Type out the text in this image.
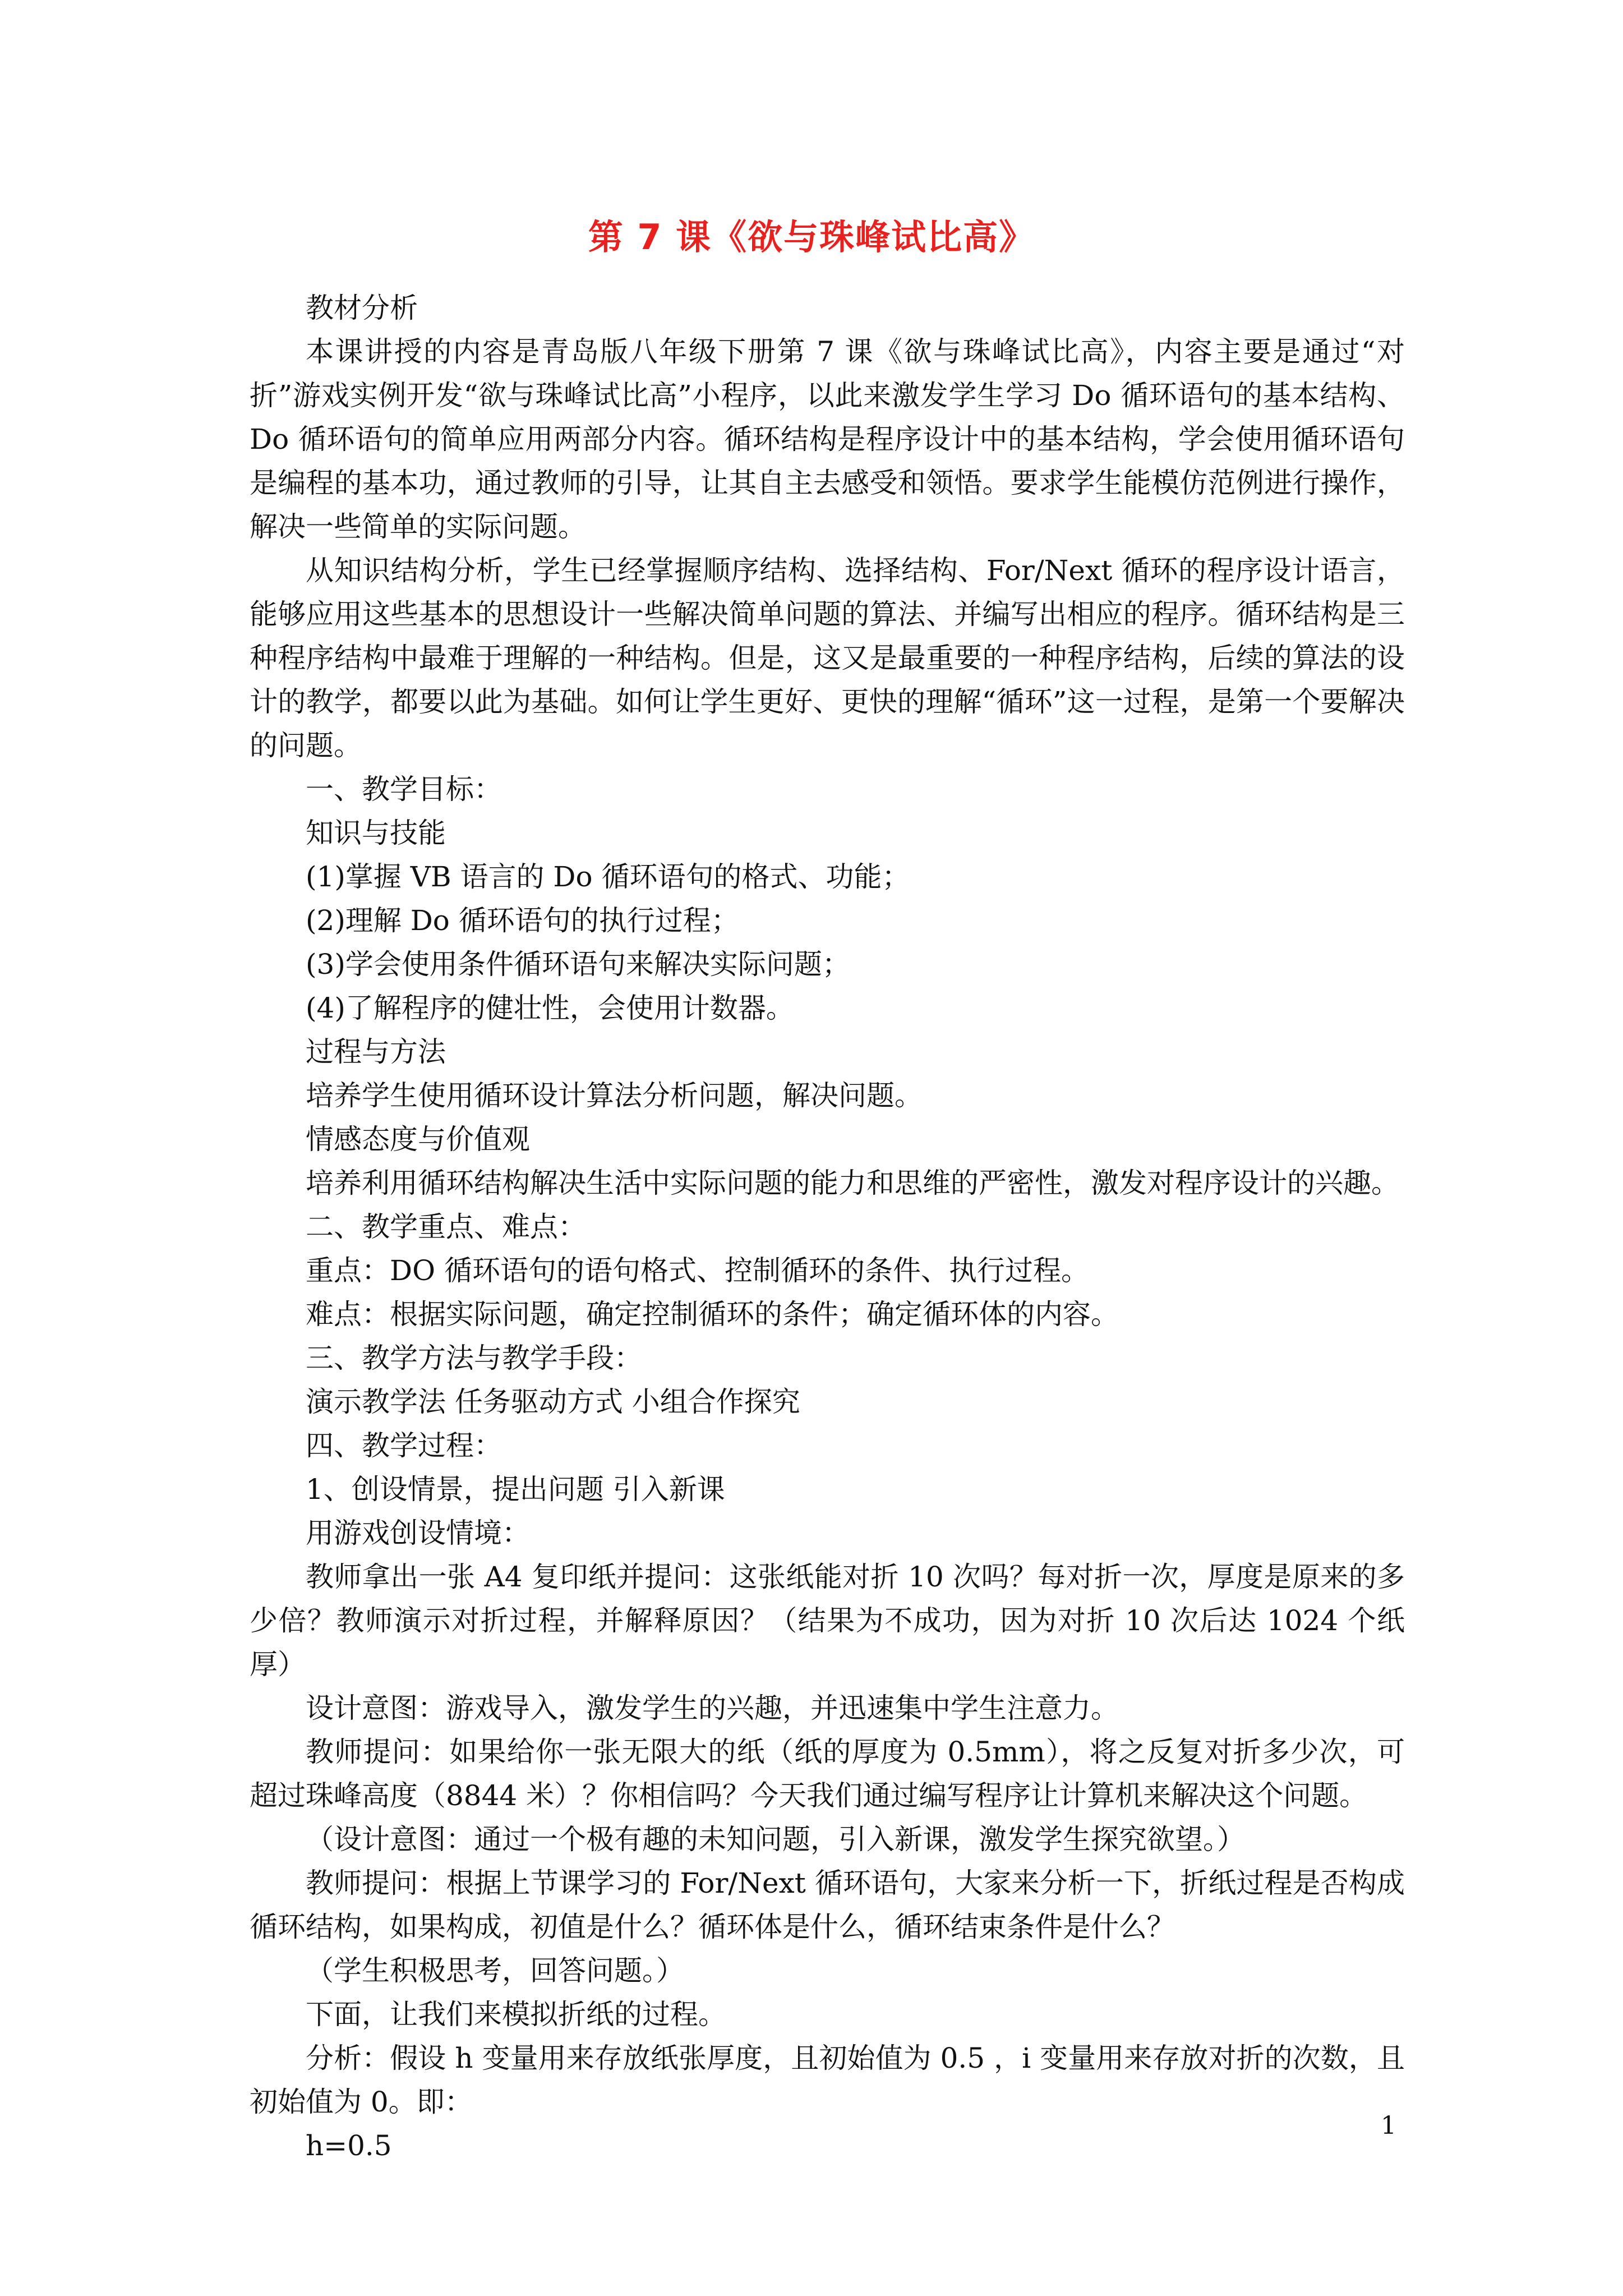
第 7 课《欲与珠峰试比高》

教材分析

本课讲授的内容是青岛版八年级下册第 7 课《欲与珠峰试比高》，内容主要是通过“对折”游戏实例开发“欲与珠峰试比高”小程序，以此来激发学生学习 Do 循环语句的基本结构、Do 循环语句的简单应用两部分内容。循环结构是程序设计中的基本结构，学会使用循环语句是编程的基本功，通过教师的引导，让其自主去感受和领悟。要求学生能模仿范例进行操作，解决一些简单的实际问题。

从知识结构分析，学生已经掌握顺序结构、选择结构、For/Next 循环的程序设计语言，能够应用这些基本的思想设计一些解决简单问题的算法、并编写出相应的程序。循环结构是三种程序结构中最难于理解的一种结构。但是，这又是最重要的一种程序结构，后续的算法的设计的教学，都要以此为基础。如何让学生更好、更快的理解“循环”这一过程，是第一个要解决的问题。

一、教学目标：

知识与技能

(1)掌握 VB 语言的 Do 循环语句的格式、功能；

(2)理解 Do 循环语句的执行过程；

(3)学会使用条件循环语句来解决实际问题；

(4)了解程序的健壮性，会使用计数器。

过程与方法

培养学生使用循环设计算法分析问题，解决问题。

情感态度与价值观

培养利用循环结构解决生活中实际问题的能力和思维的严密性，激发对程序设计的兴趣。

二、教学重点、难点：

重点：DO 循环语句的语句格式、控制循环的条件、执行过程。

难点：根据实际问题，确定控制循环的条件；确定循环体的内容。

三、教学方法与教学手段：

演示教学法 任务驱动方式 小组合作探究

四、教学过程：

1、创设情景，提出问题 引入新课

用游戏创设情境：

教师拿出一张 A4 复印纸并提问：这张纸能对折 10 次吗？每对折一次，厚度是原来的多少倍？教师演示对折过程，并解释原因？（结果为不成功，因为对折 10 次后达 1024 个纸厚）

设计意图：游戏导入，激发学生的兴趣，并迅速集中学生注意力。

教师提问：如果给你一张无限大的纸（纸的厚度为 0.5mm），将之反复对折多少次，可超过珠峰高度（8844 米）？你相信吗？今天我们通过编写程序让计算机来解决这个问题。

（设计意图：通过一个极有趣的未知问题，引入新课，激发学生探究欲望。）

教师提问：根据上节课学习的 For/Next 循环语句，大家来分析一下，折纸过程是否构成循环结构，如果构成，初值是什么？循环体是什么，循环结束条件是什么？

（学生积极思考，回答问题。）

下面，让我们来模拟折纸的过程。

分析：假设 h 变量用来存放纸张厚度，且初始值为 0.5 ，i 变量用来存放对折的次数，且初始值为 0。即：

h=0.5

1
